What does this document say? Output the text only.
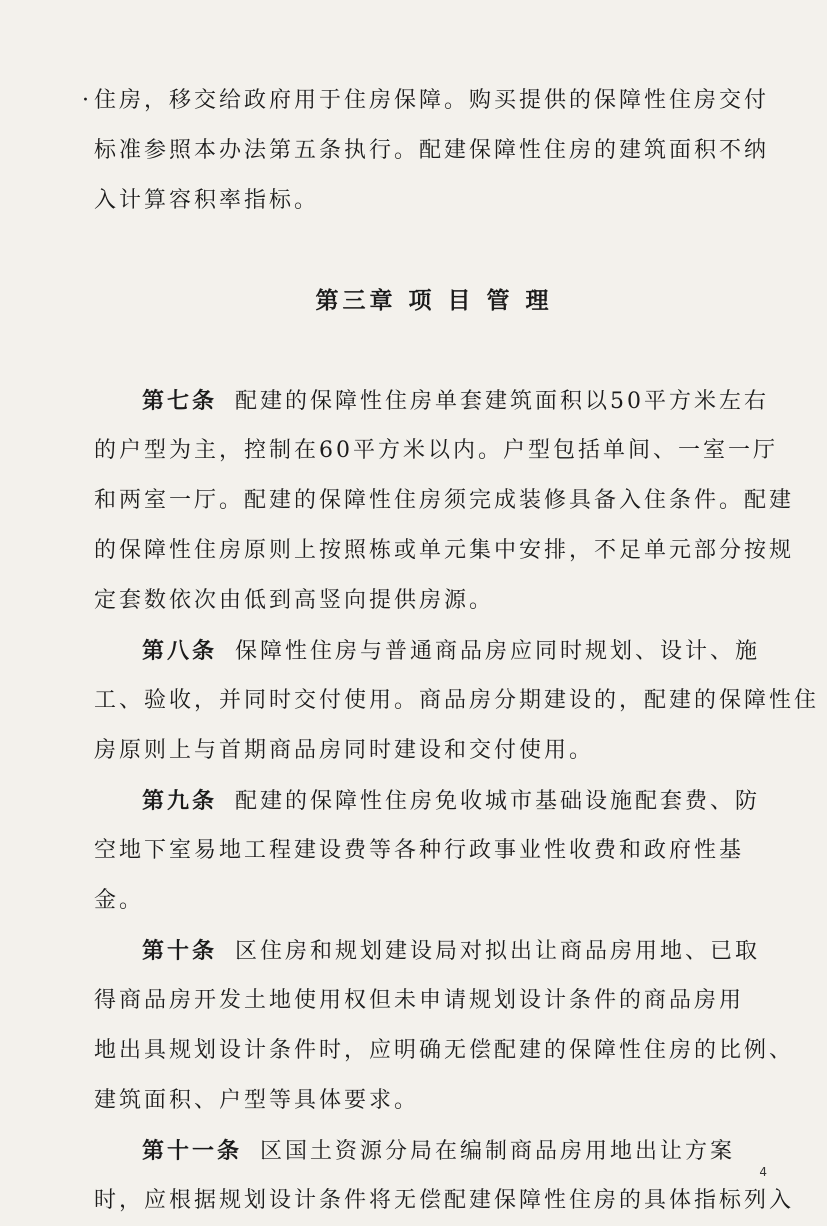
· 住房，移交给政府用于住房保障。购买提供的保障性住房交付
标准参照本办法第五条执行。配建保障性住房的建筑面积不纳
入计算容积率指标。
第三章 项 目 管 理
第七条 配建的保障性住房单套建筑面积以50平方米左右
的户型为主，控制在60平方米以内。户型包括单间、一室一厅
和两室一厅。配建的保障性住房须完成装修具备入住条件。配建
的保障性住房原则上按照栋或单元集中安排，不足单元部分按规
定套数依次由低到高竖向提供房源。
第八条 保障性住房与普通商品房应同时规划、设计、施
工、验收，并同时交付使用。商品房分期建设的，配建的保障性住
房原则上与首期商品房同时建设和交付使用。
第九条 配建的保障性住房免收城市基础设施配套费、防
空地下室易地工程建设费等各种行政事业性收费和政府性基
金。
第十条 区住房和规划建设局对拟出让商品房用地、已取
得商品房开发土地使用权但未申请规划设计条件的商品房用
地出具规划设计条件时，应明确无偿配建的保障性住房的比例、
建筑面积、户型等具体要求。
第十一条 区国土资源分局在编制商品房用地出让方案
时，应根据规划设计条件将无偿配建保障性住房的具体指标列入
4
